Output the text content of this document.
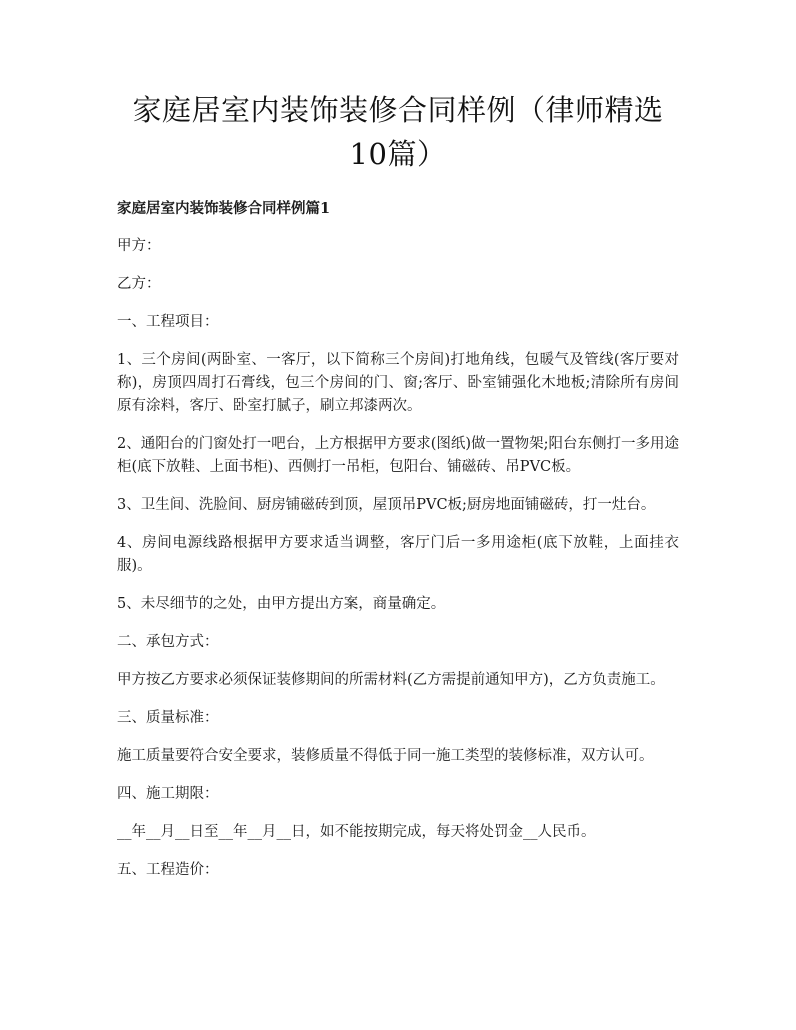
家庭居室内装饰装修合同样例（律师精选10篇）
家庭居室内装饰装修合同样例篇1

甲方：

乙方：

一、工程项目：

1、三个房间(两卧室、一客厅，以下简称三个房间)打地角线，包暖气及管线(客厅要对称)，房顶四周打石膏线，包三个房间的门、窗;客厅、卧室铺强化木地板;清除所有房间原有涂料，客厅、卧室打腻子，刷立邦漆两次。

2、通阳台的门窗处打一吧台，上方根据甲方要求(图纸)做一置物架;阳台东侧打一多用途柜(底下放鞋、上面书柜)、西侧打一吊柜，包阳台、铺磁砖、吊PVC板。

3、卫生间、洗脸间、厨房铺磁砖到顶，屋顶吊PVC板;厨房地面铺磁砖，打一灶台。

4、房间电源线路根据甲方要求适当调整，客厅门后一多用途柜(底下放鞋，上面挂衣服)。

5、未尽细节的之处，由甲方提出方案，商量确定。

二、承包方式：

甲方按乙方要求必须保证装修期间的所需材料(乙方需提前通知甲方)，乙方负责施工。

三、质量标准：

施工质量要符合安全要求，装修质量不得低于同一施工类型的装修标准，双方认可。

四、施工期限：

__年__月__日至__年__月__日，如不能按期完成，每天将处罚金__人民币。

五、工程造价：
